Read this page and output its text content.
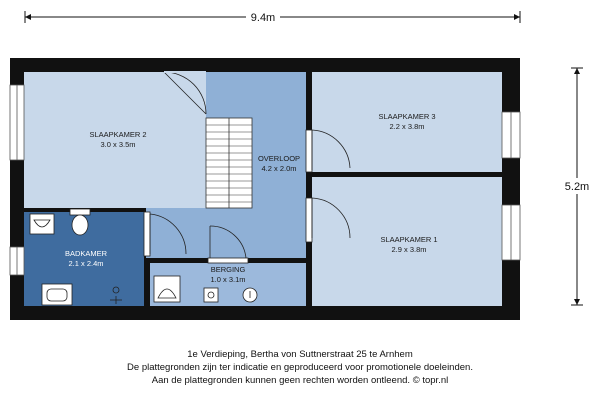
9.4m
5.2m
SLAAPKAMER 2
3.0 x 3.5m
OVERLOOP
4.2 x 2.0m
SLAAPKAMER 3
2.2 x 3.8m
SLAAPKAMER 1
2.9 x 3.8m
BADKAMER
2.1 x 2.4m
BERGING
1.0 x 3.1m
1e Verdieping, Bertha von Suttnerstraat 25 te Arnhem
De plattegronden zijn ter indicatie en geproduceerd voor promotionele doeleinden.
Aan de plattegronden kunnen geen rechten worden ontleend. © topr.nl
